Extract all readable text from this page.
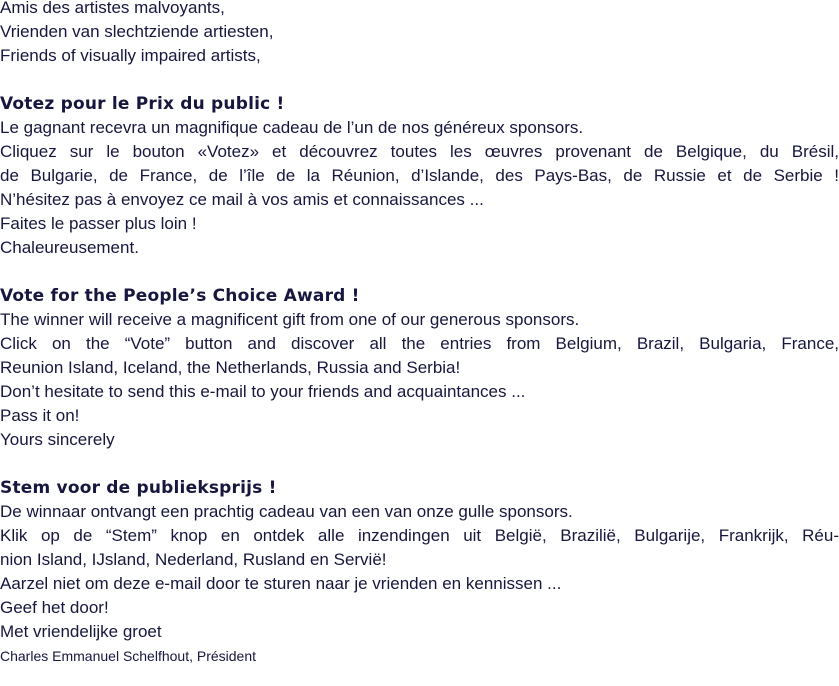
Amis des artistes malvoyants,
Vrienden van slechtziende artiesten,
Friends of visually impaired artists,
Votez pour le Prix du public !
Le gagnant recevra un magnifique cadeau de l’un de nos généreux sponsors.
Cliquez sur le bouton «Votez» et découvrez toutes les œuvres provenant de Belgique, du Brésil,
de Bulgarie, de France, de l’île de la Réunion, d’Islande, des Pays-Bas, de Russie et de Serbie !
N’hésitez pas à envoyez ce mail à vos amis et connaissances ...
Faites le passer plus loin !
Chaleureusement.
Vote for the People’s Choice Award !
The winner will receive a magnificent gift from one of our generous sponsors.
Click on the “Vote” button and discover all the entries from Belgium, Brazil, Bulgaria, France,
Reunion Island, Iceland, the Netherlands, Russia and Serbia!
Don’t hesitate to send this e-mail to your friends and acquaintances ...
Pass it on!
Yours sincerely
Stem voor de publieksprijs !
De winnaar ontvangt een prachtig cadeau van een van onze gulle sponsors.
Klik op de “Stem” knop en ontdek alle inzendingen uit België, Brazilië, Bulgarije, Frankrijk, Réu-
nion Island, IJsland, Nederland, Rusland en Servië!
Aarzel niet om deze e-mail door te sturen naar je vrienden en kennissen ...
Geef het door!
Met vriendelijke groet
Charles Emmanuel Schelfhout, Président
